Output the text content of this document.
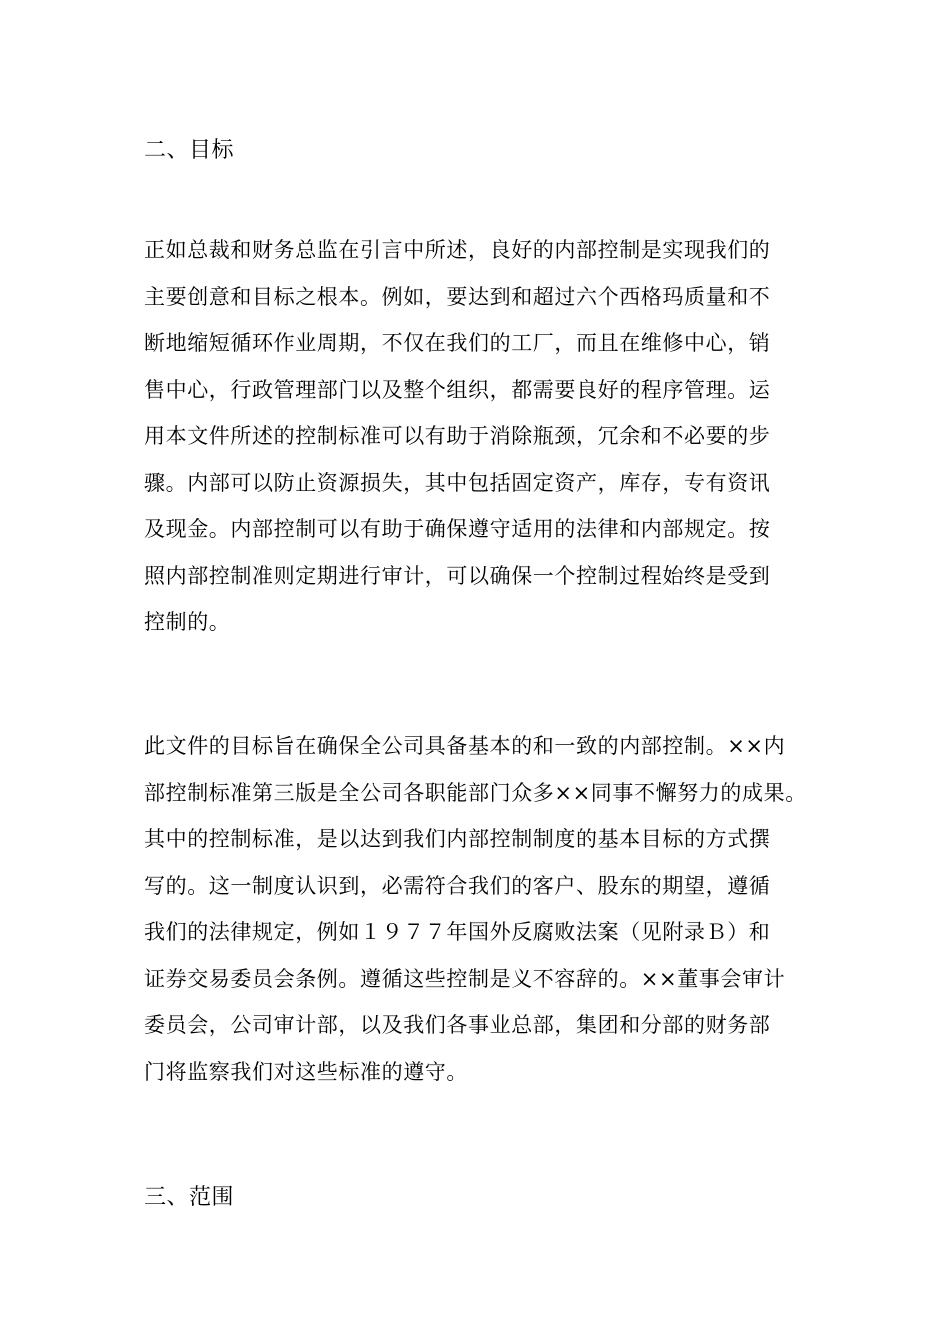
二、目标
正如总裁和财务总监在引言中所述，良好的内部控制是实现我们的
主要创意和目标之根本。例如，要达到和超过六个西格玛质量和不
断地缩短循环作业周期，不仅在我们的工厂，而且在维修中心，销
售中心，行政管理部门以及整个组织，都需要良好的程序管理。运
用本文件所述的控制标准可以有助于消除瓶颈，冗余和不必要的步
骤。内部可以防止资源损失，其中包括固定资产，库存，专有资讯
及现金。内部控制可以有助于确保遵守适用的法律和内部规定。按
照内部控制准则定期进行审计，可以确保一个控制过程始终是受到
控制的。
此文件的目标旨在确保全公司具备基本的和一致的内部控制。××内
部控制标准第三版是全公司各职能部门众多××同事不懈努力的成果。
其中的控制标准，是以达到我们内部控制制度的基本目标的方式撰
写的。这一制度认识到，必需符合我们的客户、股东的期望，遵循
我们的法律规定，例如１９７７年国外反腐败法案（见附录Ｂ）和
证券交易委员会条例。遵循这些控制是义不容辞的。××董事会审计
委员会，公司审计部，以及我们各事业总部，集团和分部的财务部
门将监察我们对这些标准的遵守。
三、范围
